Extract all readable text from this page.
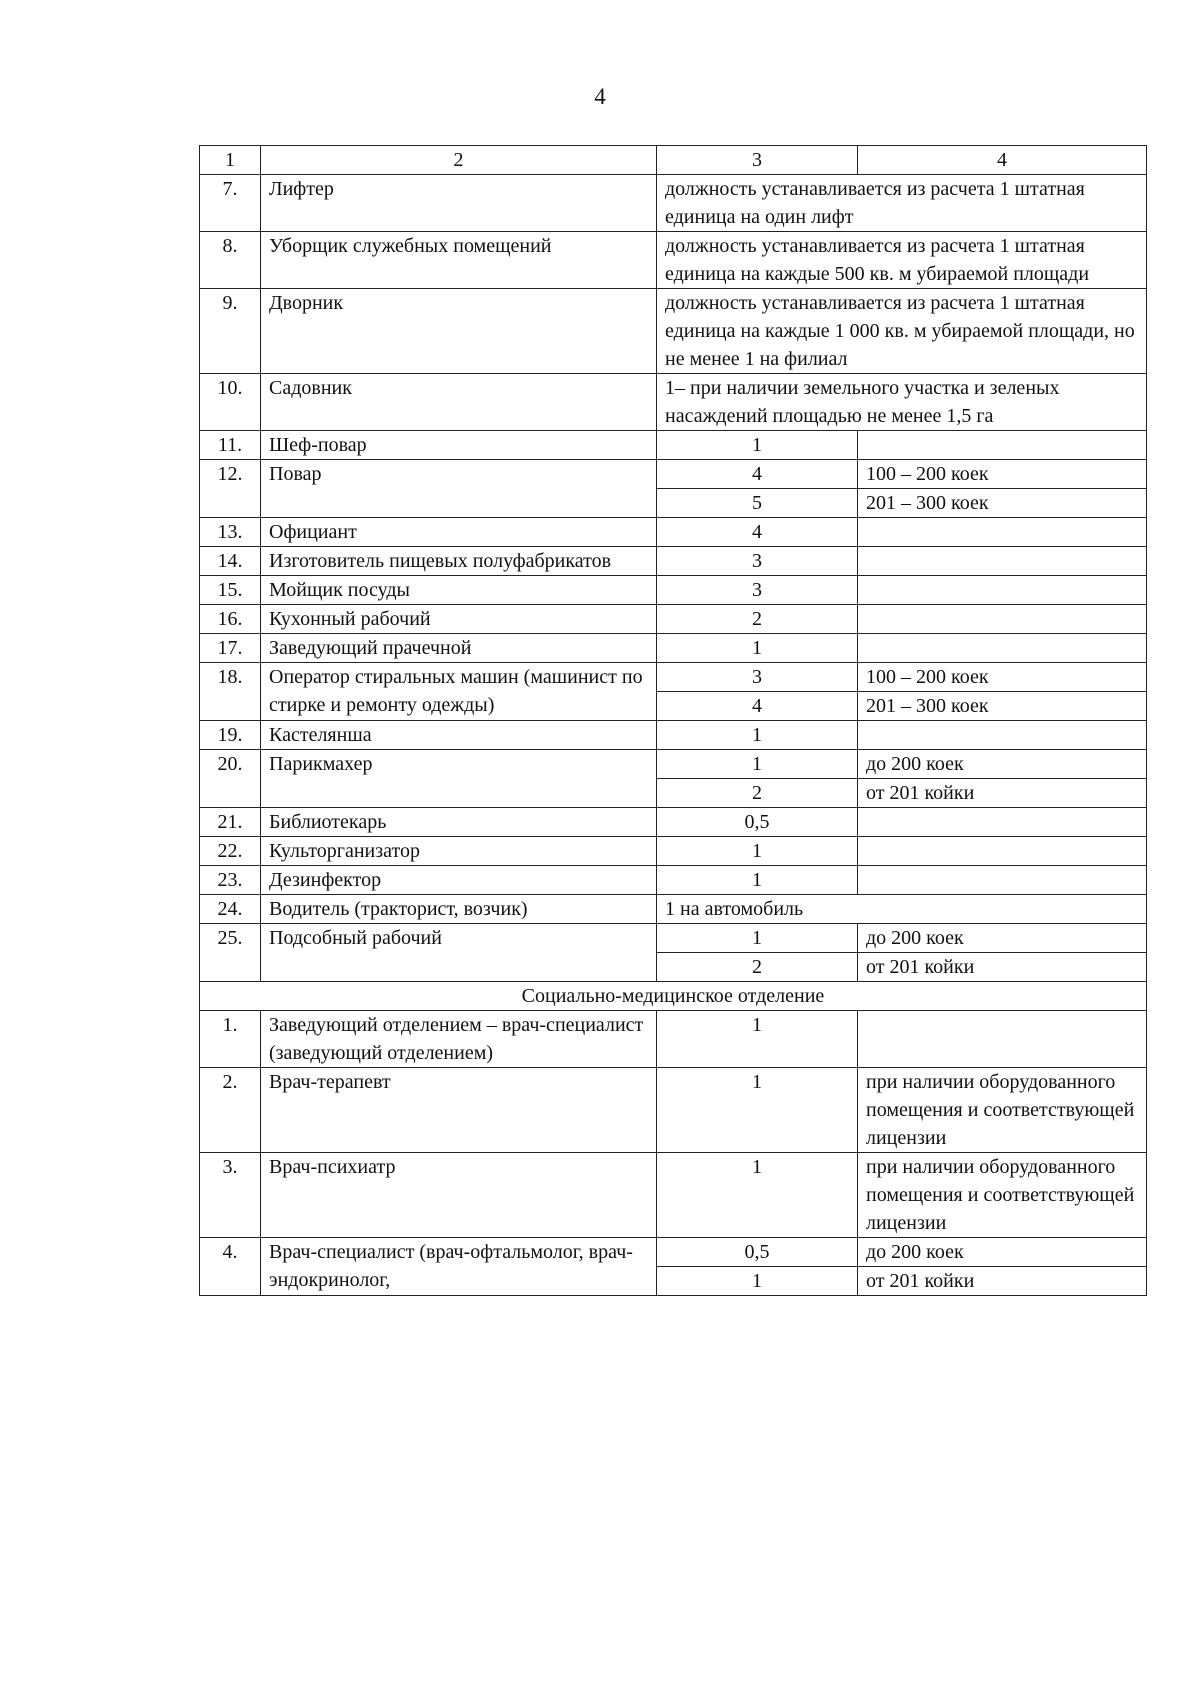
4
1	2	3	4
7.	Лифтер	должность устанавливается из расчета 1 штатная единица на один лифт	
8.	Уборщик служебных помещений	должность устанавливается из расчета 1 штатная единица на каждые 500 кв. м убираемой площади	
9.	Дворник	должность устанавливается из расчета 1 штатная единица на каждые 1 000 кв. м убираемой площади, но не менее 1 на филиал	
10.	Садовник	1– при наличии земельного участка и зеленых насаждений площадью не менее 1,5 га	
11.	Шеф-повар	1	
12.	Повар	4	100 – 200 коек
		5	201 – 300 коек
13.	Официант	4	
14.	Изготовитель пищевых полуфабрикатов	3	
15.	Мойщик посуды	3	
16.	Кухонный рабочий	2	
17.	Заведующий прачечной	1	
18.	Оператор стиральных машин (машинист по стирке и ремонту одежды)	3	100 – 200 коек
		4	201 – 300 коек
19.	Кастелянша	1	
20.	Парикмахер	1	до 200 коек
		2	от 201 койки
21.	Библиотекарь	0,5	
22.	Культорганизатор	1	
23.	Дезинфектор	1	
24.	Водитель (тракторист, возчик)	1 на автомобиль	
25.	Подсобный рабочий	1	до 200 коек
		2	от 201 койки
Социально-медицинское отделение			
1.	Заведующий отделением – врач-специалист (заведующий отделением)	1	
2.	Врач-терапевт	1	при наличии оборудованного помещения и соответствующей лицензии
3.	Врач-психиатр	1	при наличии оборудованного помещения и соответствующей лицензии
4.	Врач-специалист (врач-офтальмолог, врач-эндокринолог,	0,5	до 200 коек
		1	от 201 койки
